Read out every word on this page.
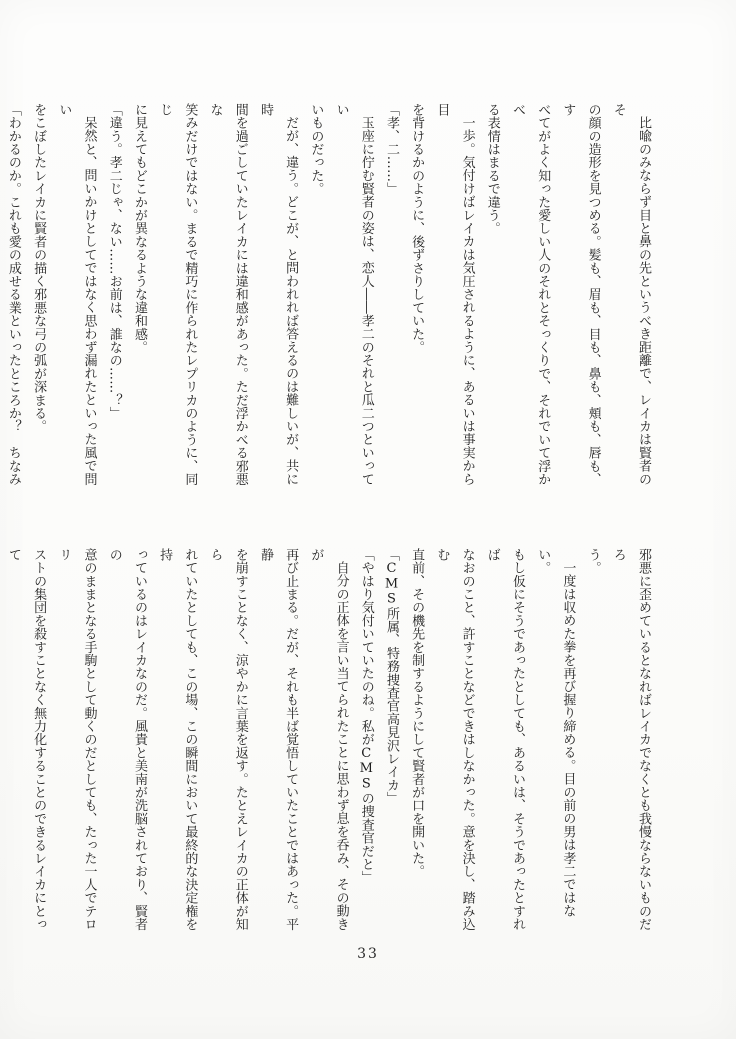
比喩のみならず目と鼻の先というべき距離で、レイカは賢者のそ

の顔の造形を見つめる。髪も、眉も、目も、鼻も、頬も、唇も、す

べてがよく知った愛しい人のそれとそっくりで、それでいて浮かべ

る表情はまるで違う。

一歩。気付けばレイカは気圧されるように、あるいは事実から目

を背けるかのように、後ずさりしていた。

「孝、二……」

玉座に佇む賢者の姿は、恋人――孝二のそれと瓜二つといってい

いものだった。

だが、違う。どこが、と問われれば答えるのは難しいが、共に時

間を過ごしていたレイカには違和感があった。ただ浮かべる邪悪な

笑みだけではない。まるで精巧に作られたレプリカのように、同じ

に見えてもどこかが異なるような違和感。

「違う。孝二じゃ、ない……お前は、誰なの……？」

呆然と、問いかけとしてではなく思わず漏れたといった風で問い

をこぼしたレイカに賢者の描く邪悪な弓の弧が深まる。

「わかるのか。これも愛の成せる業といったところか？　ちなみ

邪悪に歪めているとなればレイカでなくとも我慢ならないものだろ

う。

一度は収めた拳を再び握り締める。目の前の男は孝二ではない。

もし仮にそうであったとしても、あるいは、そうであったとすれば

なおのこと、許すことなどできはしなかった。意を決し、踏み込む

直前、その機先を制するようにして賢者が口を開いた。

「CMS所属、特務捜査官高見沢レイカ」

「やはり気付いていたのね。私がCMSの捜査官だと」

自分の正体を言い当てられたことに思わず息を呑み、その動きが

再び止まる。だが、それも半ば覚悟していたことではあった。平静

を崩すことなく、涼やかに言葉を返す。たとえレイカの正体が知ら

れていたとしても、この場、この瞬間において最終的な決定権を持

っているのはレイカなのだ。風貴と美南が洗脳されており、賢者の

意のままとなる手駒として動くのだとしても、たった一人でテロリ

ストの集団を殺すことなく無力化することのできるレイカにとって

33
